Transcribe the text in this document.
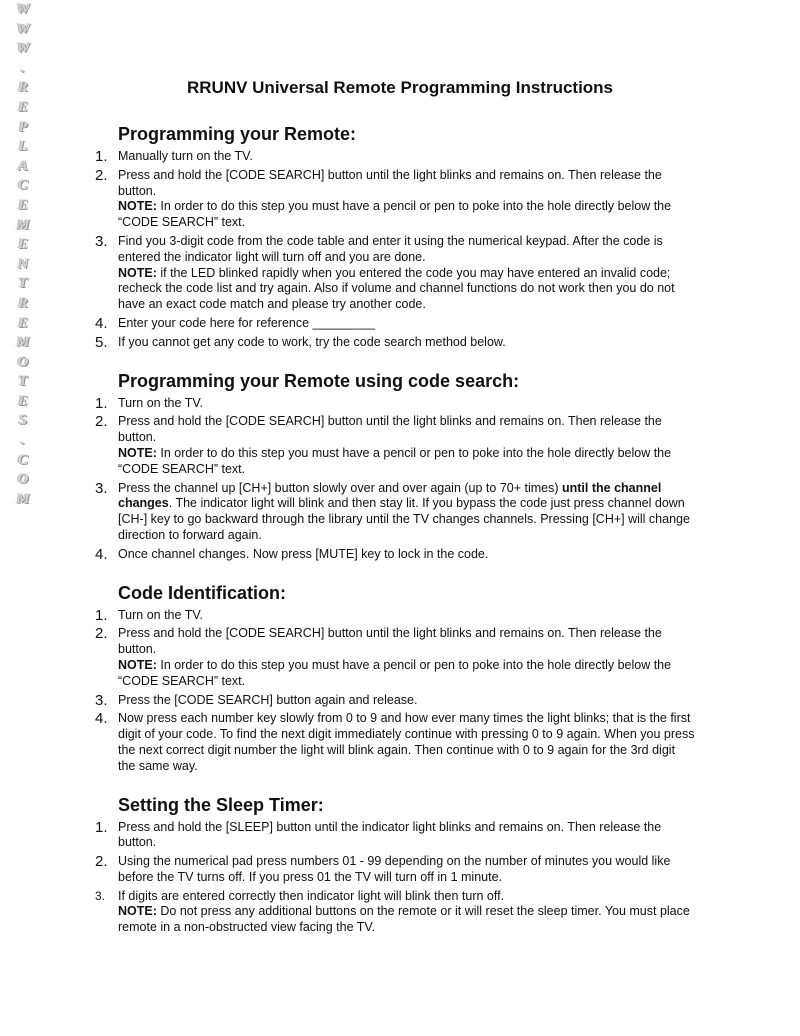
W
W
W
.
R
E
P
L
A
C
E
M
E
N
T
R
E
M
O
T
E
S
.
C
O
M
RRUNV Universal Remote Programming Instructions
Programming your Remote:
1. Manually turn on the TV.

2. Press and hold the [CODE SEARCH] button until the light blinks and remains on. Then release the button.

NOTE: In order to do this step you must have a pencil or pen to poke into the hole directly below the “CODE SEARCH” text.

3. Find you 3-digit code from the code table and enter it using the numerical keypad. After the code is entered the indicator light will turn off and you are done.

NOTE: if the LED blinked rapidly when you entered the code you may have entered an invalid code; recheck the code list and try again. Also if volume and channel functions do not work then you do not have an exact code match and please try another code.

4. Enter your code here for reference _________

5. If you cannot get any code to work, try the code search method below.

Programming your Remote using code search:
1. Turn on the TV.

2. Press and hold the [CODE SEARCH] button until the light blinks and remains on. Then release the button.

NOTE: In order to do this step you must have a pencil or pen to poke into the hole directly below the “CODE SEARCH” text.

3. Press the channel up [CH+] button slowly over and over again (up to 70+ times) until the channel changes. The indicator light will blink and then stay lit. If you bypass the code just press channel down [CH-] key to go backward through the library until the TV changes channels. Pressing [CH+] will change direction to forward again.

4. Once channel changes. Now press [MUTE] key to lock in the code.

Code Identification:
1. Turn on the TV.

2. Press and hold the [CODE SEARCH] button until the light blinks and remains on. Then release the button.

NOTE: In order to do this step you must have a pencil or pen to poke into the hole directly below the “CODE SEARCH” text.

3. Press the [CODE SEARCH] button again and release.

4. Now press each number key slowly from 0 to 9 and how ever many times the light blinks; that is the first digit of your code. To find the next digit immediately continue with pressing 0 to 9 again. When you press the next correct digit number the light will blink again. Then continue with 0 to 9 again for the 3rd digit the same way.

Setting the Sleep Timer:
1. Press and hold the [SLEEP] button until the indicator light blinks and remains on. Then release the button.

2. Using the numerical pad press numbers 01 - 99 depending on the number of minutes you would like before the TV turns off. If you press 01 the TV will turn off in 1 minute.

3.	If digits are entered correctly then indicator light will blink then turn off.

NOTE: Do not press any additional buttons on the remote or it will reset the sleep timer. You must place remote in a non-obstructed view facing the TV.
